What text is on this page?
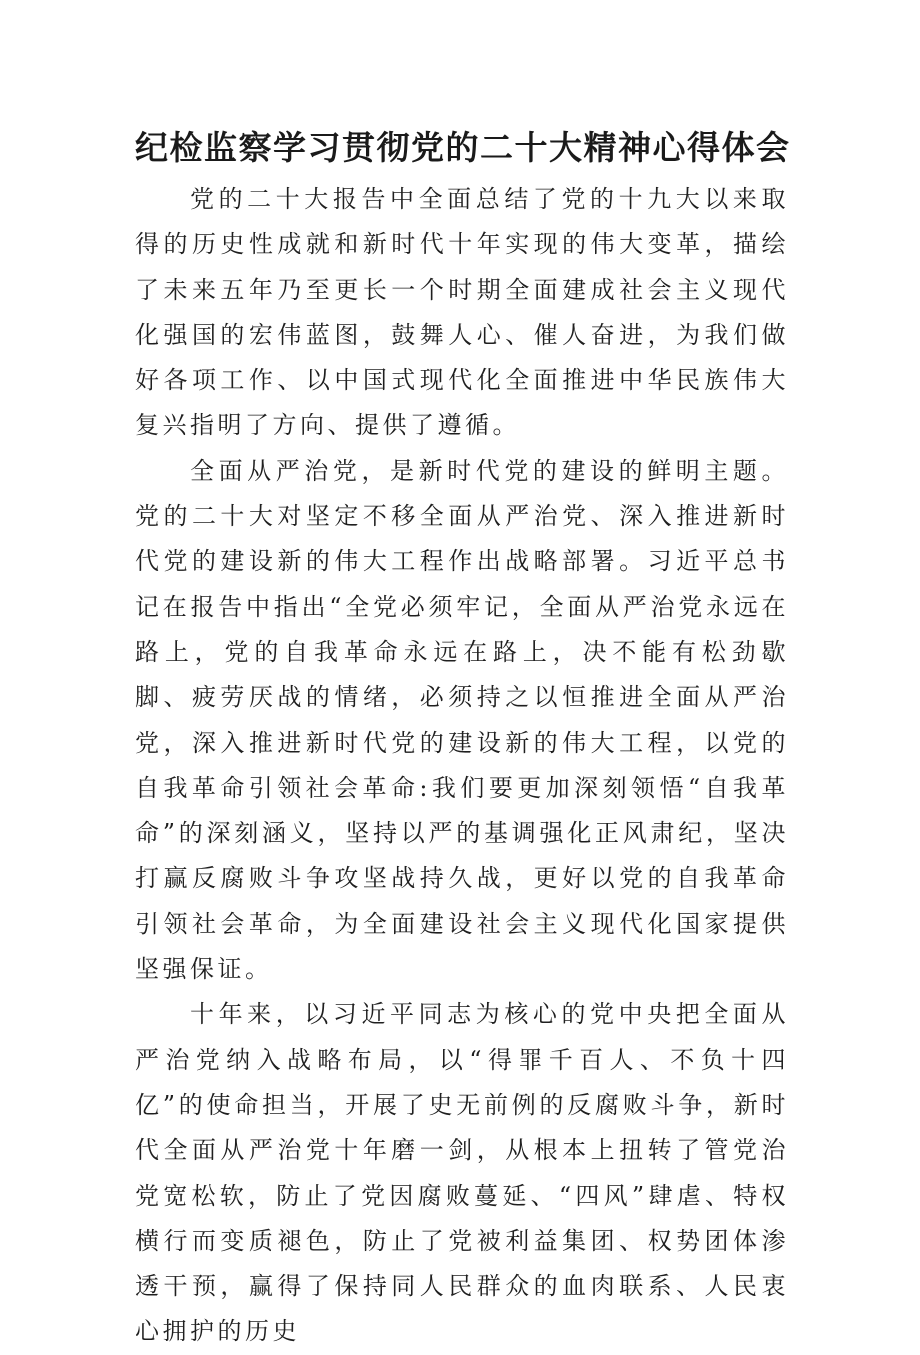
纪检监察学习贯彻党的二十大精神心得体会

党的二十大报告中全面总结了党的十九大以来取得的历史性成就和新时代十年实现的伟大变革，描绘了未来五年乃至更长一个时期全面建成社会主义现代化强国的宏伟蓝图，鼓舞人心、催人奋进，为我们做好各项工作、以中国式现代化全面推进中华民族伟大复兴指明了方向、提供了遵循。

全面从严治党，是新时代党的建设的鲜明主题。党的二十大对坚定不移全面从严治党、深入推进新时代党的建设新的伟大工程作出战略部署。习近平总书记在报告中指出“全党必须牢记，全面从严治党永远在路上，党的自我革命永远在路上，决不能有松劲歇脚、疲劳厌战的情绪，必须持之以恒推进全面从严治党，深入推进新时代党的建设新的伟大工程，以党的自我革命引领社会革命:我们要更加深刻领悟“自我革命”的深刻涵义，坚持以严的基调强化正风肃纪，坚决打赢反腐败斗争攻坚战持久战，更好以党的自我革命引领社会革命，为全面建设社会主义现代化国家提供坚强保证。

十年来，以习近平同志为核心的党中央把全面从严治党纳入战略布局，以“得罪千百人、不负十四亿”的使命担当，开展了史无前例的反腐败斗争，新时代全面从严治党十年磨一剑，从根本上扭转了管党治党宽松软，防止了党因腐败蔓延、“四风”肆虐、特权横行而变质褪色，防止了党被利益集团、权势团体渗透干预，赢得了保持同人民群众的血肉联系、人民衷心拥护的历史
